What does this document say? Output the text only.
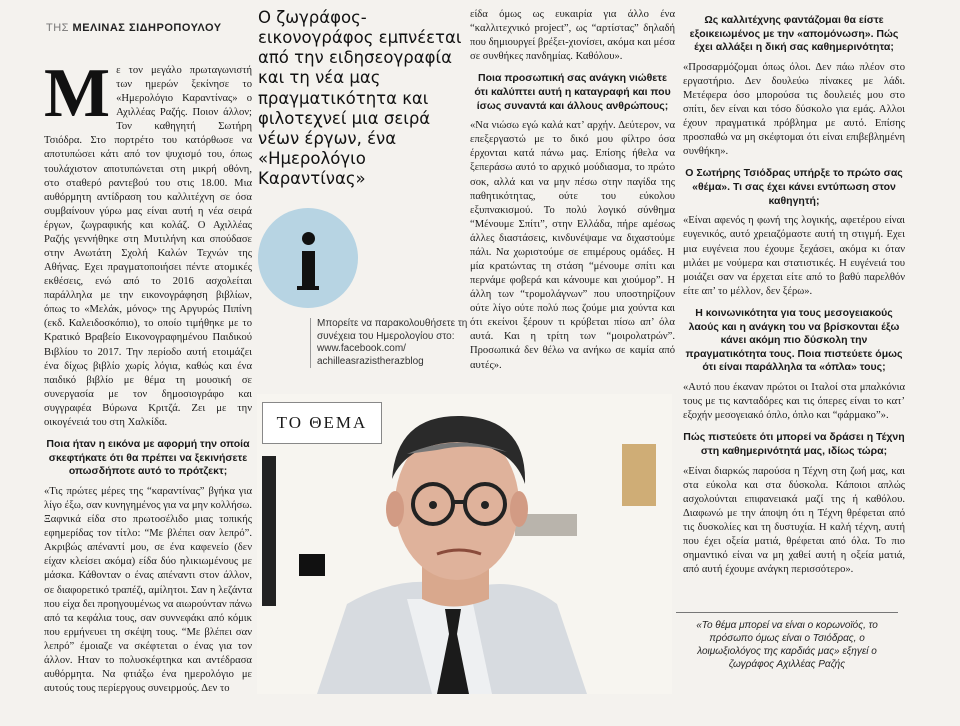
ΤΗΣ ΜΕΛΙΝΑΣ ΣΙΔΗΡΟΠΟΥΛΟΥ

Μ ε τον μεγάλο πρωταγωνιστή των ημερών ξεκίνησε το «Ημερολόγιο Καραντίνας» ο Αχιλλέας Ραζής. Ποιον άλλον; Τον καθηγητή Σωτήρη Τσιόδρα. Στο πορτρέτο του κατόρθωσε να αποτυπώσει κάτι από τον ψυχισμό του, όπως τουλάχιστον αποτυπώνεται στη μικρή οθόνη, στο σταθερό ραντεβού του στις 18.00. Μια αυθόρμητη αντίδραση του καλλιτέχνη σε όσα συμβαίνουν γύρω μας είναι αυτή η νέα σειρά έργων, ζωγραφικής και κολάζ. Ο Αχιλλέας Ραζής γεννήθηκε στη Μυτιλήνη και σπούδασε στην Ανωτάτη Σχολή Καλών Τεχνών της Αθήνας. Εχει πραγματοποιήσει πέντε ατομικές εκθέσεις, ενώ από το 2016 ασχολείται παράλληλα με την εικονογράφηση βιβλίων, όπως το «Μελάκ, μόνος» της Αργυρώς Πιπίνη (εκδ. Καλειδοσκόπιο), το οποίο τιμήθηκε με το Κρατικό Βραβείο Εικονογραφημένου Παιδικού Βιβλίου το 2017. Την περίοδο αυτή ετοιμάζει ένα δίχως βιβλίο χωρίς λόγια, καθώς και ένα παιδικό βιβλίο με θέμα τη μουσική σε συνεργασία με τον δημοσιογράφο και συγγραφέα Βύρωνα Κριτζά. Ζει με την οικογένειά του στη Χαλκίδα.

Ποια ήταν η εικόνα με αφορμή την οποία σκεφτήκατε ότι θα πρέπει να ξεκινήσετε οπωσδήποτε αυτό το πρότζεκτ;

«Τις πρώτες μέρες της “καραντίνας” βγήκα για λίγο έξω, σαν κυνηγημένος για να μην κολλήσω. Ξαφνικά είδα στο πρωτοσέλιδο μιας τοπικής εφημερίδας τον τίτλο: “Με βλέπει σαν λεπρό”. Ακριβώς απέναντί μου, σε ένα καφενείο (δεν είχαν κλείσει ακόμα) είδα δύο ηλικιωμένους με μάσκα. Κάθονταν ο ένας απέναντι στον άλλον, σε διαφορετικό τραπέζι, αμίλητοι. Σαν η λεζάντα που είχα δει προηγουμένως να αιωρούνταν πάνω από τα κεφάλια τους, σαν συννεφάκι από κόμικ που ερμήνευει τη σκέψη τους. “Με βλέπει σαν λεπρό” έμοιαζε να σκέφτεται ο ένας για τον άλλον. Ηταν το πολυσκέφτηκα και αντέδρασα αυθόρμητα. Να φτιάξω ένα ημερολόγιο με αυτούς τους περίεργους συνειρμούς. Δεν το

Ο ζωγράφος-εικονογράφος εμπνέεται από την ειδησεογραφία και τη νέα μας πραγματικότητα και φιλοτεχνεί μια σειρά νέων έργων, ένα «Ημερολόγιο Καραντίνας»
Μπορείτε να παρακολουθήσετε τη συνέχεια του Ημερολογίου στο: www.facebook.com/ achilleasrazistherazblog

είδα όμως ως ευκαιρία για άλλο ένα “καλλιτεχνικό project”, ως “αρτίστας” δηλαδή που δημιουργεί βρέξει-χιονίσει, ακόμα και μέσα σε συνθήκες πανδημίας. Καθόλου».

Ποια προσωπική σας ανάγκη νιώθετε ότι καλύπτει αυτή η καταγραφή και που ίσως συναντά και άλλους ανθρώπους;

«Να νιώσω εγώ καλά κατ’ αρχήν. Δεύτερον, να επεξεργαστώ με το δικό μου φίλτρο όσα έρχονται κατά πάνω μας. Επίσης ήθελα να ξεπεράσω αυτό το αρχικό μούδιασμα, το πρώτο σοκ, αλλά και να μην πέσω στην παγίδα της παθητικότητας, ούτε του εύκολου εξυπνακισμού. Το πολύ λογικό σύνθημα “Μένουμε Σπίτι”, στην Ελλάδα, πήρε αμέσως άλλες διαστάσεις, κινδυνέψαμε να διχαστούμε πάλι. Να χωριστούμε σε επιμέρους ομάδες. Η μία κρατώντας τη στάση “μένουμε σπίτι και περνάμε φοβερά και κάνουμε και χιούμορ”. Η άλλη των “τρομολάγνων” που υποστηρίζουν ούτε λίγο ούτε πολύ πως ζούμε μια χούντα και ότι εκείνοι ξέρουν τι κρύβεται πίσω απ’ όλα αυτά. Και η τρίτη των “μοιρολατρών”. Προσωπικά δεν θέλω να ανήκω σε καμία από αυτές».

Ως καλλιτέχνης φαντάζομαι θα είστε εξοικειωμένος με την «απομόνωση». Πώς έχει αλλάξει η δική σας καθημερινότητα;

«Προσαρμόζομαι όπως όλοι. Δεν πάω πλέον στο εργαστήριο. Δεν δουλεύω πίνακες με λάδι. Μετέφερα όσο μπορούσα τις δουλειές μου στο σπίτι, δεν είναι και τόσο δύσκολο για εμάς. Αλλοι έχουν πραγματικά πρόβλημα με αυτό. Επίσης προσπαθώ να μη σκέφτομαι ότι είναι επιβεβλημένη συνθήκη».

Ο Σωτήρης Τσιόδρας υπήρξε το πρώτο σας «θέμα». Τι σας έχει κάνει εντύπωση στον καθηγητή;

«Είναι αφενός η φωνή της λογικής, αφετέρου είναι ευγενικός, αυτό χρειαζόμαστε αυτή τη στιγμή. Εχει μια ευγένεια που έχουμε ξεχάσει, ακόμα κι όταν μιλάει με νούμερα και στατιστικές. Η ευγένειά του μοιάζει σαν να έρχεται είτε από το βαθύ παρελθόν είτε απ’ το μέλλον, δεν ξέρω».

Η κοινωνικότητα για τους μεσογειακούς λαούς και η ανάγκη του να βρίσκονται έξω κάνει ακόμη πιο δύσκολη την πραγματικότητα τους. Ποια πιστεύετε όμως ότι είναι παράλληλα τα «όπλα» τους;

«Αυτό που έκαναν πρώτοι οι Ιταλοί στα μπαλκόνια τους με τις κανταδόρες και τις όπερες είναι το κατ’ εξοχήν μεσογειακό όπλο, όπλο και “φάρμακο”».

Πώς πιστεύετε ότι μπορεί να δράσει η Τέχνη στη καθημερινότητά μας, ιδίως τώρα;

«Είναι διαρκώς παρούσα η Τέχνη στη ζωή μας, και στα εύκολα και στα δύσκολα. Κάποιοι απλώς ασχολούνται επιφανειακά μαζί της ή καθόλου. Διαφωνώ με την άποψη ότι η Τέχνη θρέφεται από τις δυσκολίες και τη δυστυχία. Η καλή τέχνη, αυτή που έχει οξεία ματιά, θρέφεται από όλα. Το πιο σημαντικό είναι να μη χαθεί αυτή η οξεία ματιά, από αυτή έχουμε ανάγκη περισσότερο».

ΤΟ ΘΕΜΑ
«Το θέμα μπορεί να είναι ο κορωνοϊός, το πρόσωπο όμως είναι ο Τσιόδρας, ο λοιμωξιολόγος της καρδιάς μας» εξηγεί ο ζωγράφος Αχιλλέας Ραζής
